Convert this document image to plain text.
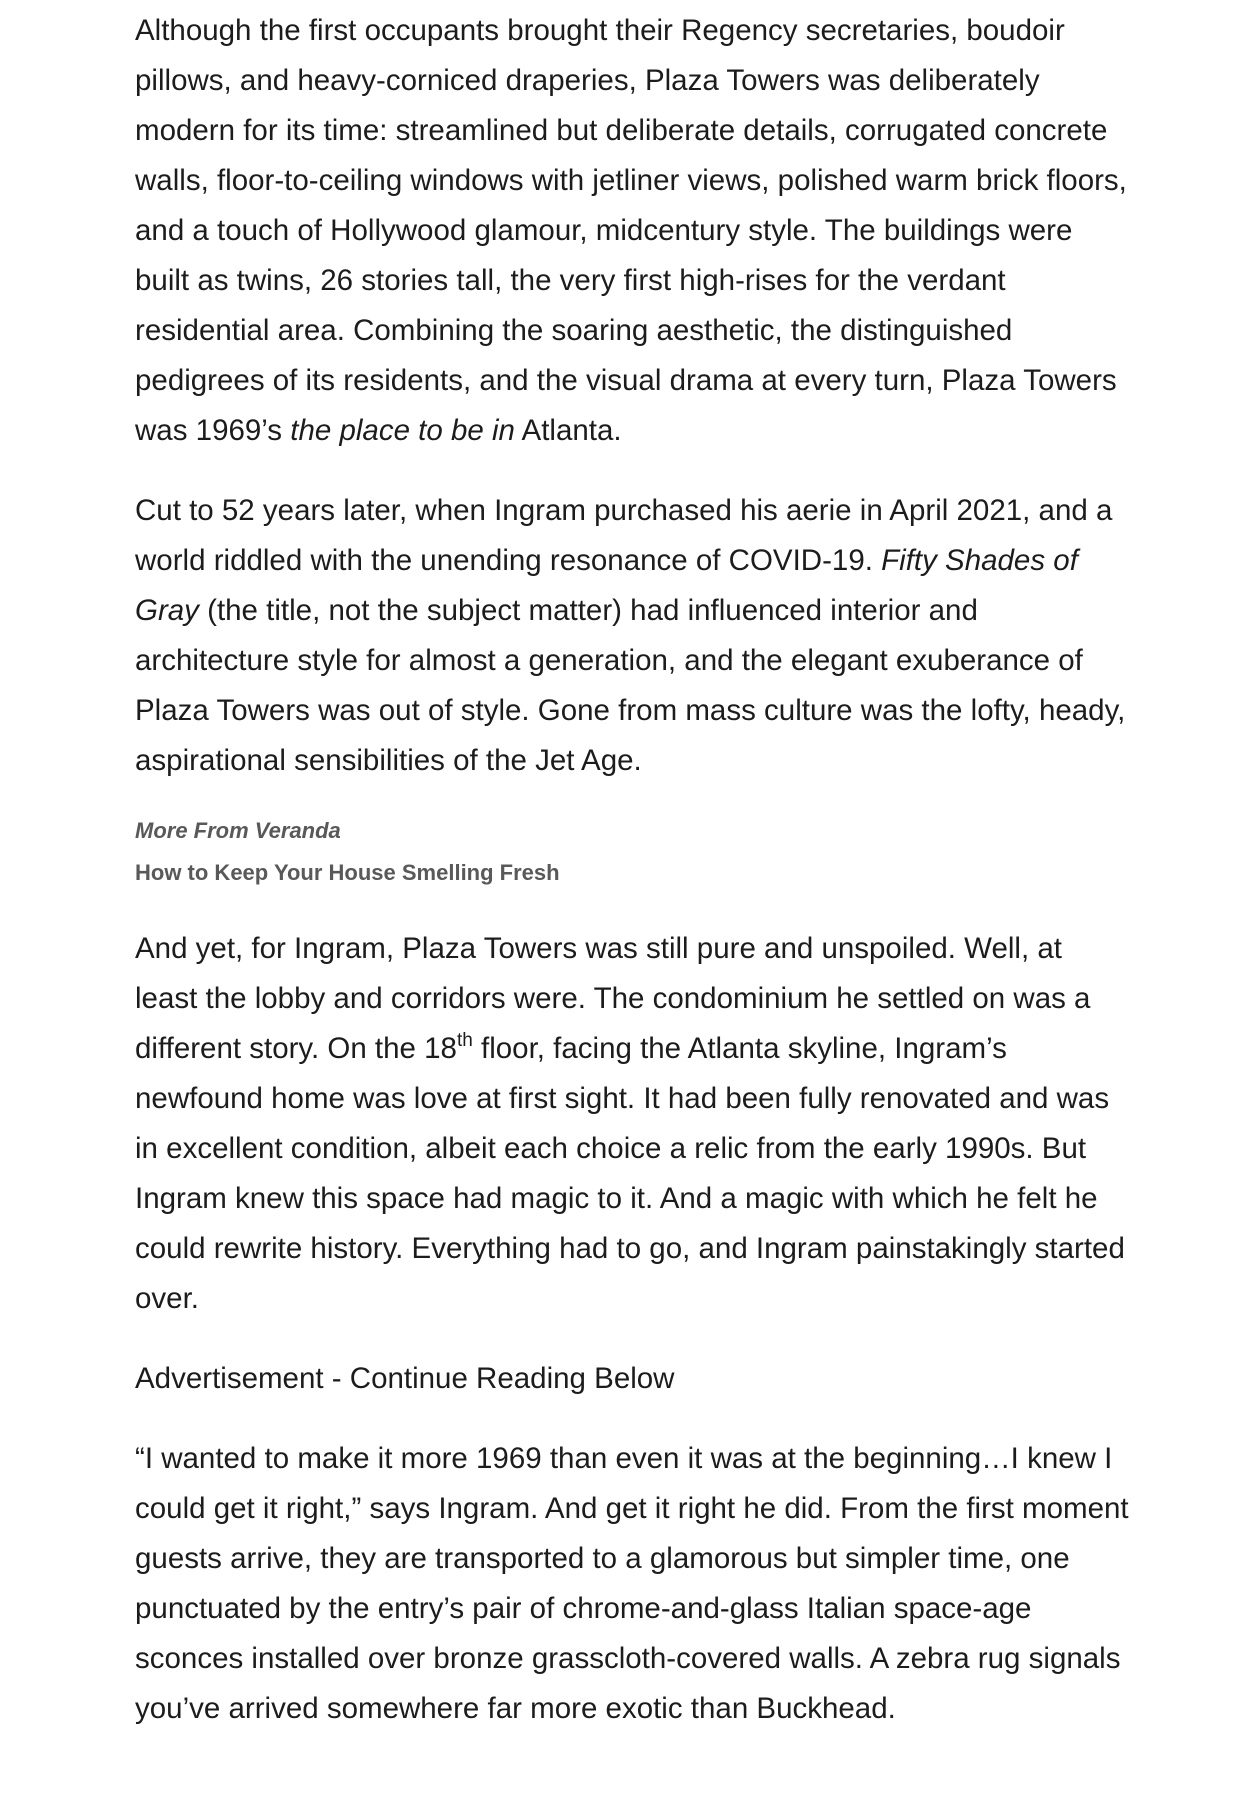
Although the first occupants brought their Regency secretaries, boudoir pillows, and heavy-corniced draperies, Plaza Towers was deliberately modern for its time: streamlined but deliberate details, corrugated concrete walls, floor-to-ceiling windows with jetliner views, polished warm brick floors, and a touch of Hollywood glamour, midcentury style. The buildings were built as twins, 26 stories tall, the very first high-rises for the verdant residential area. Combining the soaring aesthetic, the distinguished pedigrees of its residents, and the visual drama at every turn, Plaza Towers was 1969’s the place to be in Atlanta.

Cut to 52 years later, when Ingram purchased his aerie in April 2021, and a world riddled with the unending resonance of COVID-19. Fifty Shades of Gray (the title, not the subject matter) had influenced interior and architecture style for almost a generation, and the elegant exuberance of Plaza Towers was out of style. Gone from mass culture was the lofty, heady, aspirational sensibilities of the Jet Age.

More From Veranda
How to Keep Your House Smelling Fresh

And yet, for Ingram, Plaza Towers was still pure and unspoiled. Well, at least the lobby and corridors were. The condominium he settled on was a different story. On the 18th floor, facing the Atlanta skyline, Ingram’s newfound home was love at first sight. It had been fully renovated and was in excellent condition, albeit each choice a relic from the early 1990s. But Ingram knew this space had magic to it. And a magic with which he felt he could rewrite history. Everything had to go, and Ingram painstakingly started over.

Advertisement - Continue Reading Below

“I wanted to make it more 1969 than even it was at the beginning…I knew I could get it right,” says Ingram. And get it right he did. From the first moment guests arrive, they are transported to a glamorous but simpler time, one punctuated by the entry’s pair of chrome-and-glass Italian space-age sconces installed over bronze grasscloth-covered walls. A zebra rug signals you’ve arrived somewhere far more exotic than Buckhead.
